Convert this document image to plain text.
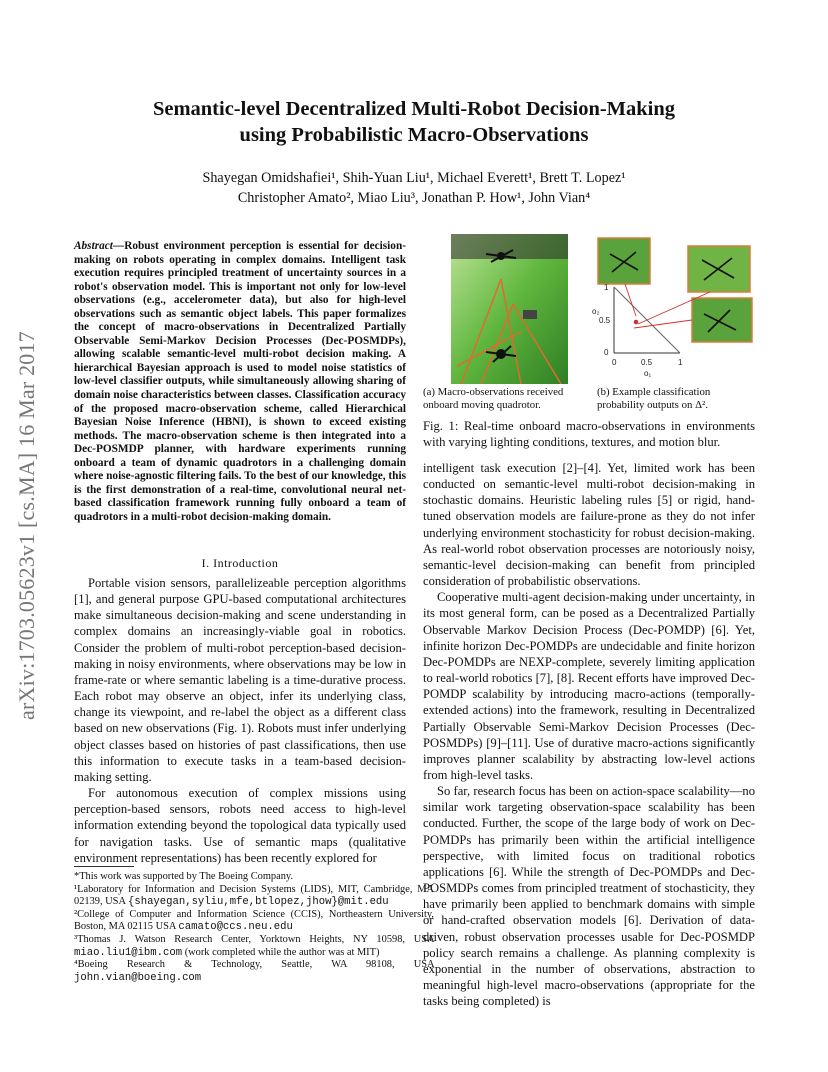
arXiv:1703.05623v1 [cs.MA] 16 Mar 2017
Semantic-level Decentralized Multi-Robot Decision-Making
using Probabilistic Macro-Observations
Shayegan Omidshafiei¹, Shih-Yuan Liu¹, Michael Everett¹, Brett T. Lopez¹
Christopher Amato², Miao Liu³, Jonathan P. How¹, John Vian⁴
Abstract—Robust environment perception is essential for decision-making on robots operating in complex domains. Intelligent task execution requires principled treatment of uncertainty sources in a robot's observation model. This is important not only for low-level observations (e.g., accelerometer data), but also for high-level observations such as semantic object labels. This paper formalizes the concept of macro-observations in Decentralized Partially Observable Semi-Markov Decision Processes (Dec-POSMDPs), allowing scalable semantic-level multi-robot decision making. A hierarchical Bayesian approach is used to model noise statistics of low-level classifier outputs, while simultaneously allowing sharing of domain noise characteristics between classes. Classification accuracy of the proposed macro-observation scheme, called Hierarchical Bayesian Noise Inference (HBNI), is shown to exceed existing methods. The macro-observation scheme is then integrated into a Dec-POSMDP planner, with hardware experiments running onboard a team of dynamic quadrotors in a challenging domain where noise-agnostic filtering fails. To the best of our knowledge, this is the first demonstration of a real-time, convolutional neural net-based classification framework running fully onboard a team of quadrotors in a multi-robot decision-making domain.
I. Introduction

Portable vision sensors, parallelizeable perception algorithms [1], and general purpose GPU-based computational architectures make simultaneous decision-making and scene understanding in complex domains an increasingly-viable goal in robotics. Consider the problem of multi-robot perception-based decision-making in noisy environments, where observations may be low in frame-rate or where semantic labeling is a time-durative process. Each robot may observe an object, infer its underlying class, change its viewpoint, and re-label the object as a different class based on new observations (Fig. 1). Robots must infer underlying object classes based on histories of past classifications, then use this information to execute tasks in a team-based decision-making setting.

For autonomous execution of complex missions using perception-based sensors, robots need access to high-level information extending beyond the topological data typically used for navigation tasks. Use of semantic maps (qualitative environment representations) has been recently explored for

*This work was supported by The Boeing Company.

¹Laboratory for Information and Decision Systems (LIDS), MIT, Cambridge, MA 02139, USA {shayegan,syliu,mfe,btlopez,jhow}@mit.edu

²College of Computer and Information Science (CCIS), Northeastern University, Boston, MA 02115 USA camato@ccs.neu.edu

³Thomas J. Watson Research Center, Yorktown Heights, NY 10598, USA miao.liu1@ibm.com (work completed while the author was at MIT)

⁴Boeing Research & Technology, Seattle, WA 98108, USA john.vian@boeing.com

1
0.5
0
0	0.5	1
o₁
o₂
(a) Macro-observations received onboard moving quadrotor.
(b) Example classification probability outputs on Δ².
Fig. 1: Real-time onboard macro-observations in environments with varying lighting conditions, textures, and motion blur.

intelligent task execution [2]–[4]. Yet, limited work has been conducted on semantic-level multi-robot decision-making in stochastic domains. Heuristic labeling rules [5] or rigid, hand-tuned observation models are failure-prone as they do not infer underlying environment stochasticity for robust decision-making. As real-world robot observation processes are notoriously noisy, semantic-level decision-making can benefit from principled consideration of probabilistic observations.

Cooperative multi-agent decision-making under uncertainty, in its most general form, can be posed as a Decentralized Partially Observable Markov Decision Process (Dec-POMDP) [6]. Yet, infinite horizon Dec-POMDPs are undecidable and finite horizon Dec-POMDPs are NEXP-complete, severely limiting application to real-world robotics [7], [8]. Recent efforts have improved Dec-POMDP scalability by introducing macro-actions (temporally-extended actions) into the framework, resulting in Decentralized Partially Observable Semi-Markov Decision Processes (Dec-POSMDPs) [9]–[11]. Use of durative macro-actions significantly improves planner scalability by abstracting low-level actions from high-level tasks.

So far, research focus has been on action-space scalability—no similar work targeting observation-space scalability has been conducted. Further, the scope of the large body of work on Dec-POMDPs has primarily been within the artificial intelligence perspective, with limited focus on traditional robotics applications [6]. While the strength of Dec-POMDPs and Dec-POSMDPs comes from principled treatment of stochasticity, they have primarily been applied to benchmark domains with simple or hand-crafted observation models [6]. Derivation of data-driven, robust observation processes usable for Dec-POSMDP policy search remains a challenge. As planning complexity is exponential in the number of observations, abstraction to meaningful high-level macro-observations (appropriate for the tasks being completed) is
